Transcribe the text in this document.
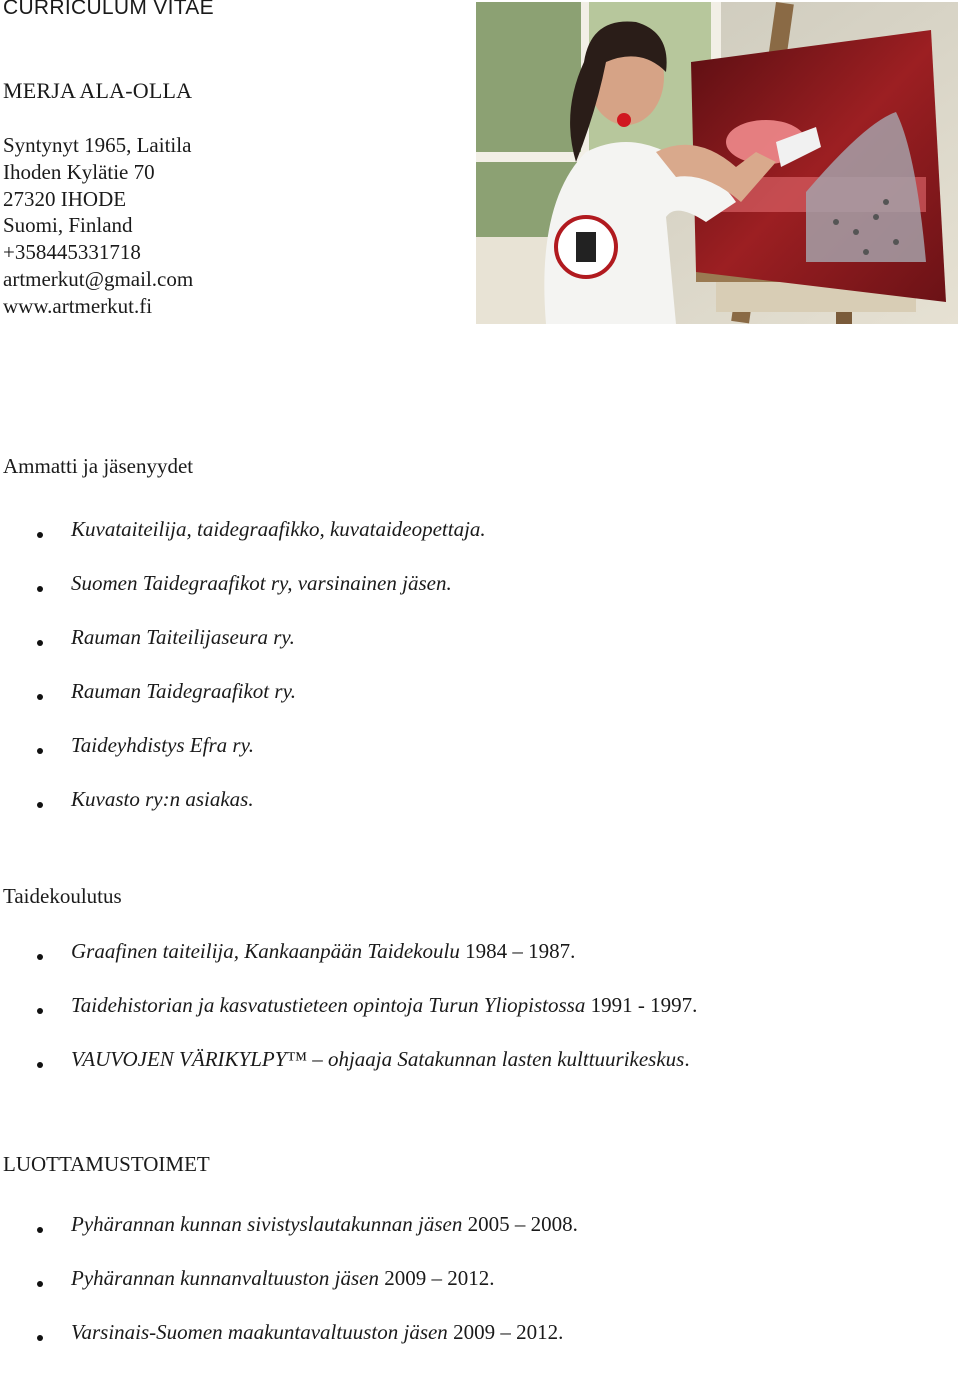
CURRICULUM VITAE
MERJA ALA-OLLA
Syntynyt 1965, Laitila
Ihoden Kylätie 70
27320 IHODE
Suomi, Finland
+358445331718
artmerkut@gmail.com
www.artmerkut.fi
Ammatti ja jäsenyydet
Kuvataiteilija, taidegraafikko, kuvataideopettaja.
Suomen Taidegraafikot ry, varsinainen jäsen.
Rauman Taiteilijaseura ry.
Rauman Taidegraafikot ry.
Taideyhdistys Efra ry.
Kuvasto ry:n asiakas.
Taidekoulutus
Graafinen taiteilija, Kankaanpään Taidekoulu 1984 – 1987.
Taidehistorian ja kasvatustieteen opintoja Turun Yliopistossa 1991 - 1997.
VAUVOJEN VÄRIKYLPY™ – ohjaaja Satakunnan lasten kulttuurikeskus.
LUOTTAMUSTOIMET
Pyhärannan kunnan sivistyslautakunnan jäsen 2005 – 2008.
Pyhärannan kunnanvaltuuston jäsen 2009 – 2012.
Varsinais-Suomen maakuntavaltuuston jäsen 2009 – 2012.
